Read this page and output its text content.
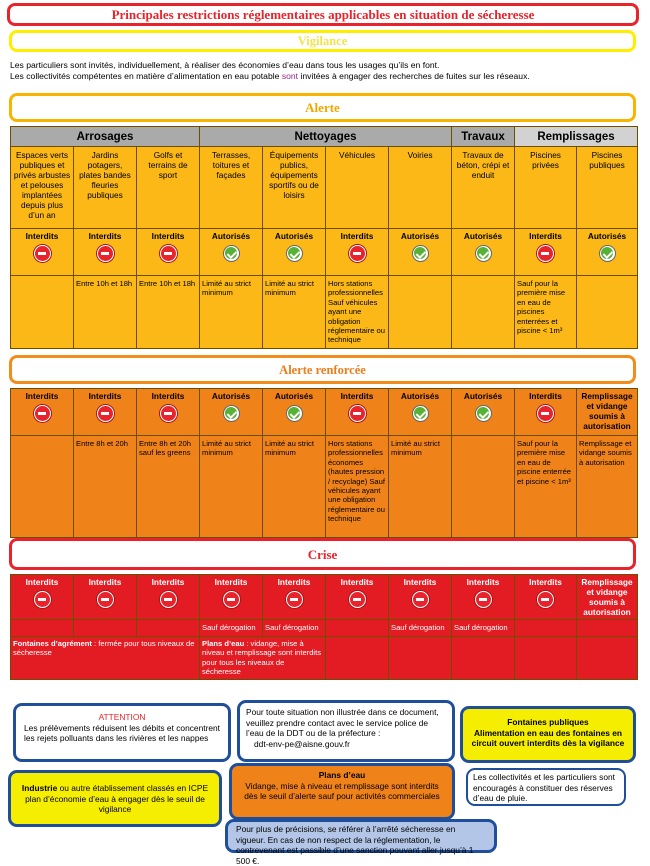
Principales restrictions réglementaires applicables en situation de sécheresse
Vigilance
Les particuliers sont invités, individuellement, à réaliser des économies d’eau dans tous les usages qu’ils en font.
Les collectivités compétentes en matière d’alimentation en eau potable sont invitées à engager des recherches de fuites sur les réseaux.
Alerte
Arrosages			Nettoyages				Travaux	Remplissages	
Espaces verts publiques et privés arbustes et pelouses implantées depuis plus d’un an	Jardins potagers, plates bandes fleuries publiques	Golfs et terrains de sport	Terrasses, toitures et façades	Équipements publics, équipements sportifs ou de loisirs	Véhicules	Voiries	Travaux de béton, crépi et enduit	Piscines privées	Piscines publiques
Interdits	Interdits	Interdits	Autorisés	Autorisés	Interdits	Autorisés	Autorisés	Interdits	Autorisés

	Entre 10h et 18h	Entre 10h et 18h	Limité au strict minimum	Limité au strict minimum	Hors stations professionnelles Sauf véhicules ayant une obligation réglementaire ou technique			Sauf pour la première mise en eau de piscines enterrées et piscine < 1m³	
Alerte renforcée
Interdits	Interdits	Interdits	Autorisés	Autorisés	Interdits	Autorisés	Autorisés	Interdits	Remplissage et vidange soumis à autorisation
	Entre 8h et 20h	Entre 8h et 20h sauf les greens	Limité au strict minimum	Limité au strict minimum	Hors stations professionnelles économes (hautes pression / recyclage) Sauf véhicules ayant une obligation réglementaire ou technique	Limité au strict minimum		Sauf pour la première mise en eau de piscine enterrée et piscine < 1m³	Remplissage et vidange soumis à autorisation
Crise
Interdits	Interdits	Interdits	Interdits	Interdits	Interdits	Interdits	Interdits	Interdits	Remplissage et vidange soumis à autorisation
			Sauf dérogation	Sauf dérogation		Sauf dérogation	Sauf dérogation		
Fontaines d’agrément : fermée pour tous niveaux de sécheresse			Plans d’eau : vidange, mise à niveau et remplissage sont interdits pour tous les niveaux de sécheresse						
ATTENTION
Les prélèvements réduisent les débits et concentrent les rejets polluants dans les rivières et les nappes
Pour toute situation non illustrée dans ce document, veuillez prendre contact avec le service police de l’eau de la DDT ou de la préfecture :
ddt-env-pe@aisne.gouv.fr
Fontaines publiques
Alimentation en eau des fontaines en circuit ouvert interdits dès la vigilance
Industrie ou autre établissement classés en ICPE plan d’économie d’eau à engager dès le seuil de vigilance
Plans d’eau
Vidange, mise à niveau et remplissage sont interdits dès le seuil d’alerte sauf pour activités commerciales
Les collectivités et les particuliers sont encouragés à constituer des réserves d’eau de pluie.
Pour plus de précisions, se référer à l’arrêté sécheresse en vigueur. En cas de non respect de la réglementation, le contrevenant est passible d’une sanction pouvant aller jusqu’à 1 500 €.
